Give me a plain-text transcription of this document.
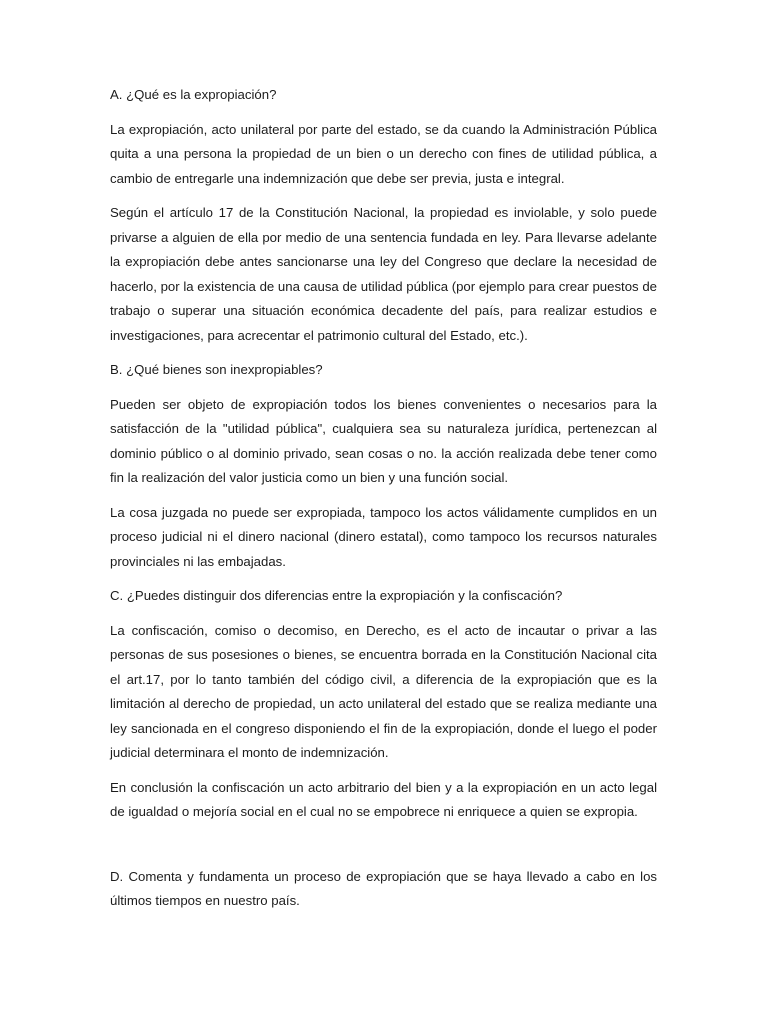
A. ¿Qué es la expropiación?

La expropiación, acto unilateral por parte del estado, se da cuando la Administración Pública quita a una persona la propiedad de un bien o un derecho con fines de utilidad pública, a cambio de entregarle una indemnización que debe ser previa, justa e integral.

Según el artículo 17 de la Constitución Nacional, la propiedad es inviolable, y solo puede privarse a alguien de ella por medio de una sentencia fundada en ley. Para llevarse adelante la expropiación debe antes sancionarse una ley del Congreso que declare la necesidad de hacerlo, por la existencia de una causa de utilidad pública (por ejemplo para crear puestos de trabajo o superar una situación económica decadente del país, para realizar estudios e investigaciones, para acrecentar el patrimonio cultural del Estado, etc.).

B. ¿Qué bienes son inexpropiables?

Pueden ser objeto de expropiación todos los bienes convenientes o necesarios para la satisfacción de la "utilidad pública", cualquiera sea su naturaleza jurídica, pertenezcan al dominio público o al dominio privado, sean cosas o no. la acción realizada debe tener como fin la realización del valor justicia como un bien y una función social.

La cosa juzgada no puede ser expropiada, tampoco los actos válidamente cumplidos en un proceso judicial ni el dinero nacional (dinero estatal), como tampoco los recursos naturales provinciales ni las embajadas.

C. ¿Puedes distinguir dos diferencias entre la expropiación y la confiscación?

La confiscación, comiso o decomiso, en Derecho, es el acto de incautar o privar a las personas de sus posesiones o bienes, se encuentra borrada en la Constitución Nacional cita el art.17, por lo tanto también del código civil, a diferencia de la expropiación que es la limitación al derecho de propiedad, un acto unilateral del estado que se realiza mediante una ley sancionada en el congreso disponiendo el fin de la expropiación, donde el luego el poder judicial determinara el monto de indemnización.

En conclusión la confiscación un acto arbitrario del bien y a la expropiación en un acto legal de igualdad o mejoría social en el cual no se empobrece ni enriquece a quien se expropia.

D. Comenta y fundamenta un proceso de expropiación que se haya llevado a cabo en los últimos tiempos en nuestro país.
